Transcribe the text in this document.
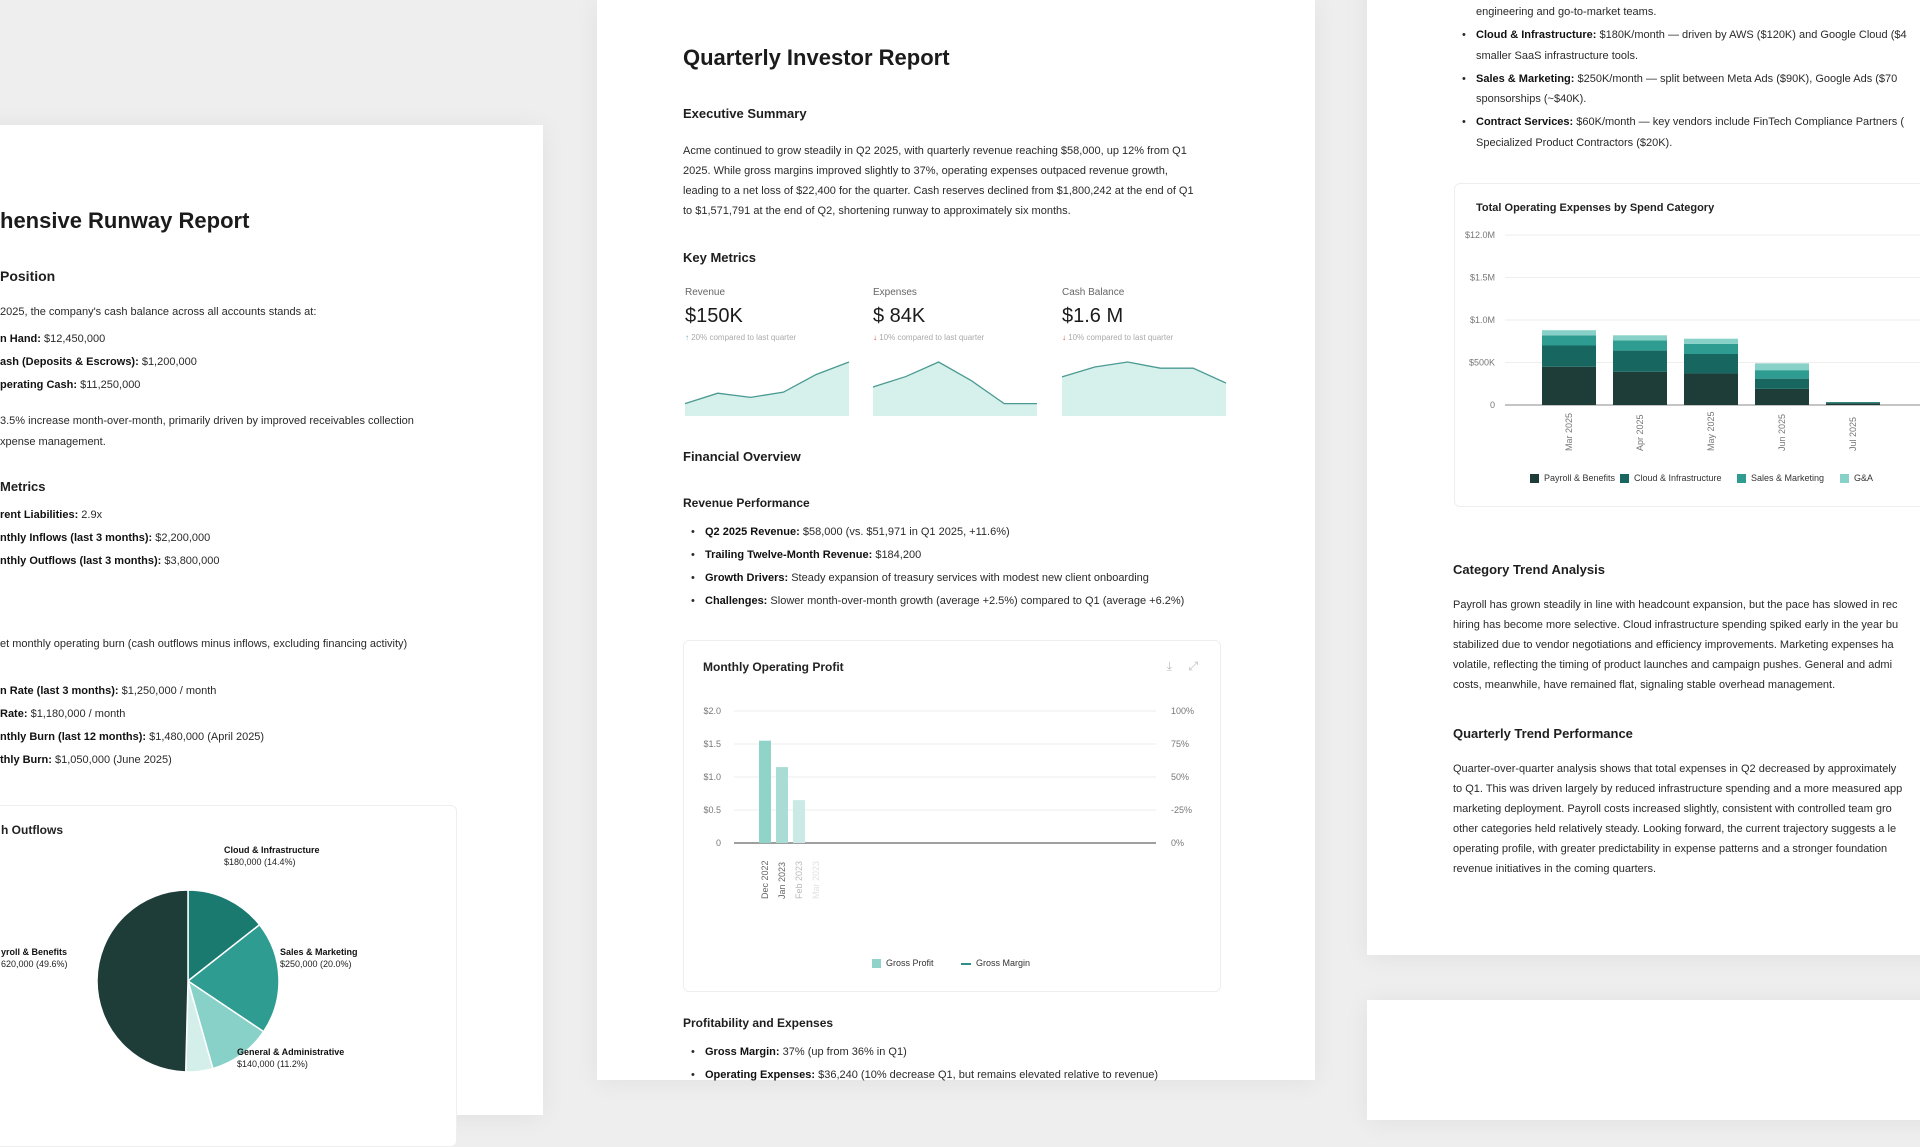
hensive Runway Report
Position
2025, the company's cash balance across all accounts stands at:
n Hand: $12,450,000
ash (Deposits & Escrows): $1,200,000
perating Cash: $11,250,000
3.5% increase month-over-month, primarily driven by improved receivables collection
xpense management.
Metrics
rent Liabilities: 2.9x
nthly Inflows (last 3 months): $2,200,000
nthly Outflows (last 3 months): $3,800,000
et monthly operating burn (cash outflows minus inflows, excluding financing activity)
n Rate (last 3 months): $1,250,000 / month
Rate: $1,180,000 / month
nthly Burn (last 12 months): $1,480,000 (April 2025)
thly Burn: $1,050,000 (June 2025)
h Outflows
Cloud & Infrastructure
$180,000 (14.4%)
Sales & Marketing
$250,000 (20.0%)
yroll & Benefits
620,000 (49.6%)
General & Administrative
$140,000 (11.2%)
Quarterly Investor Report
Executive Summary
Acme continued to grow steadily in Q2 2025, with quarterly revenue reaching $58,000, up 12% from Q1
2025. While gross margins improved slightly to 37%, operating expenses outpaced revenue growth,
leading to a net loss of $22,400 for the quarter. Cash reserves declined from $1,800,242 at the end of Q1
to $1,571,791 at the end of Q2, shortening runway to approximately six months.
Key Metrics
Revenue
$150K
↑ 20% compared to last quarter
Expenses
$ 84K
↓ 10% compared to last quarter
Cash Balance
$1.6 M
↓ 10% compared to last quarter
Financial Overview
Revenue Performance
• Q2 2025 Revenue: $58,000 (vs. $51,971 in Q1 2025, +11.6%)
• Trailing Twelve-Month Revenue: $184,200
• Growth Drivers: Steady expansion of treasury services with modest new client onboarding
• Challenges: Slower month-over-month growth (average +2.5%) compared to Q1 (average +6.2%)
Monthly Operating Profit	⤓ ⤢
$2.0	100%
$1.5	75%
$1.0	50%
$0.5	-25%
0	0%
Dec 2022 Jan 2023 Feb 2023 Mar 2023
Gross Profit	Gross Margin
Profitability and Expenses
• Gross Margin: 37% (up from 36% in Q1)
• Operating Expenses: $36,240 (10% decrease Q1, but remains elevated relative to revenue)
engineering and go-to-market teams.
• Cloud & Infrastructure: $180K/month — driven by AWS ($120K) and Google Cloud ($4
smaller SaaS infrastructure tools.
• Sales & Marketing: $250K/month — split between Meta Ads ($90K), Google Ads ($70
sponsorships (~$40K).
• Contract Services: $60K/month — key vendors include FinTech Compliance Partners (
Specialized Product Contractors ($20K).
Total Operating Expenses by Spend Category
$12.0M
$1.5M
$1.0M
$500K
0
Mar 2025	Apr 2025	May 2025	Jun 2025	Jul 2025
Payroll & Benefits	Cloud & Infrastructure	Sales & Marketing	G&A
Category Trend Analysis
Payroll has grown steadily in line with headcount expansion, but the pace has slowed in rec
hiring has become more selective. Cloud infrastructure spending spiked early in the year bu
stabilized due to vendor negotiations and efficiency improvements. Marketing expenses ha
volatile, reflecting the timing of product launches and campaign pushes. General and admi
costs, meanwhile, have remained flat, signaling stable overhead management.
Quarterly Trend Performance
Quarter-over-quarter analysis shows that total expenses in Q2 decreased by approximately
to Q1. This was driven largely by reduced infrastructure spending and a more measured app
marketing deployment. Payroll costs increased slightly, consistent with controlled team gro
other categories held relatively steady. Looking forward, the current trajectory suggests a le
operating profile, with greater predictability in expense patterns and a stronger foundation
revenue initiatives in the coming quarters.
